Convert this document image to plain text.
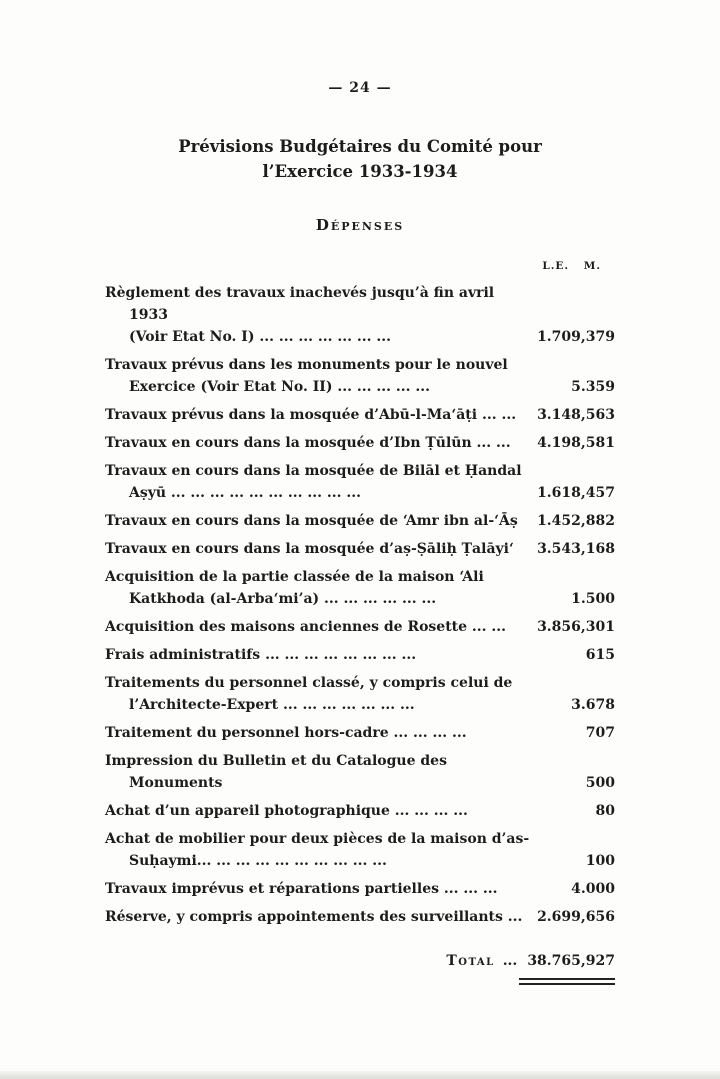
— 24 —
Prévisions Budgétaires du Comité pour
l’Exercice 1933-1934
Dépenses
L.E. M.
Règlement des travaux inachevés jusqu’à fin avril 1933
(Voir Etat No. I) ... ... ... ... ... ... ...	1.709,379
Travaux prévus dans les monuments pour le nouvel
Exercice (Voir Etat No. II) ... ... ... ... ...	5.359
Travaux prévus dans la mosquée d’Abū-l-Ma‘āṭi ... ...	3.148,563
Travaux en cours dans la mosquée d’Ibn Ṭūlūn ... ...	4.198,581
Travaux en cours dans la mosquée de Bilāl et Ḥandal
Aṣyū ... ... ... ... ... ... ... ... ... ...	1.618,457
Travaux en cours dans la mosquée de ‘Amr ibn al-‘Āṣ	1.452,882
Travaux en cours dans la mosquée d’aṣ-Ṣāliḥ Ṭalāyi‘	3.543,168
Acquisition de la partie classée de la maison ‘Ali
Katkhoda (al-Arba‘mi’a) ... ... ... ... ... ...	1.500
Acquisition des maisons anciennes de Rosette ... ...	3.856,301
Frais administratifs ... ... ... ... ... ... ... ...	615
Traitements du personnel classé, y compris celui de
l’Architecte-Expert ... ... ... ... ... ... ...	3.678
Traitement du personnel hors-cadre ... ... ... ...	707
Impression du Bulletin et du Catalogue des Monuments	500
Achat d’un appareil photographique ... ... ... ...	80
Achat de mobilier pour deux pièces de la maison d’as-
Suḥaymi... ... ... ... ... ... ... ... ... ...	100
Travaux imprévus et réparations partielles ... ... ...	4.000
Réserve, y compris appointements des surveillants ...	2.699,656
Total ... 38.765,927
